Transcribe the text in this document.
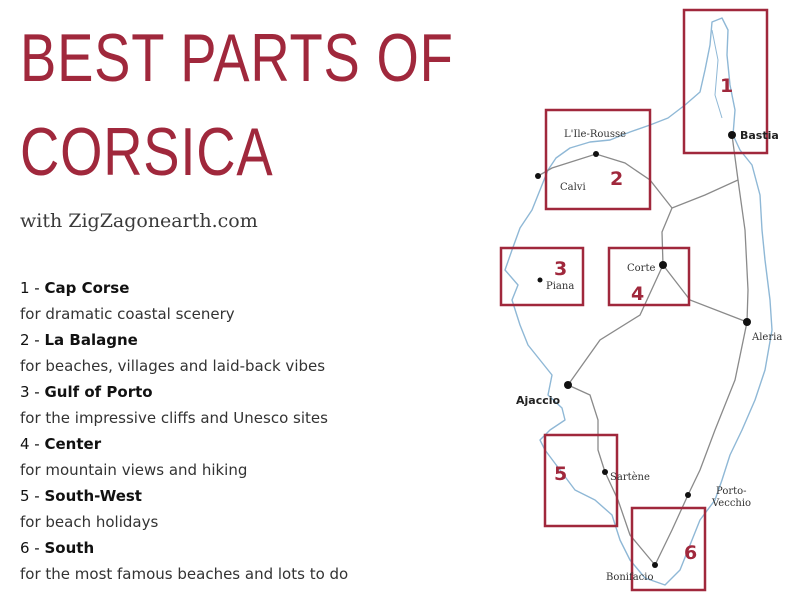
BEST PARTS OF
CORSICA
with ZigZagonearth.com
1 - Cap Corse
for dramatic coastal scenery
2 - La Balagne
for beaches, villages and laid-back vibes
3 - Gulf of Porto
for the impressive cliffs and Unesco sites
4 - Center
for mountain views and hiking
5 - South-West
for beach holidays
6 - South
for the most famous beaches and lots to do
1
2
3
4
5
6
Bastia
L'Ile-Rousse
Calvi
Corte
Piana
Aleria
Ajaccio
Sartène
Porto-
Vecchio
Bonifacio
